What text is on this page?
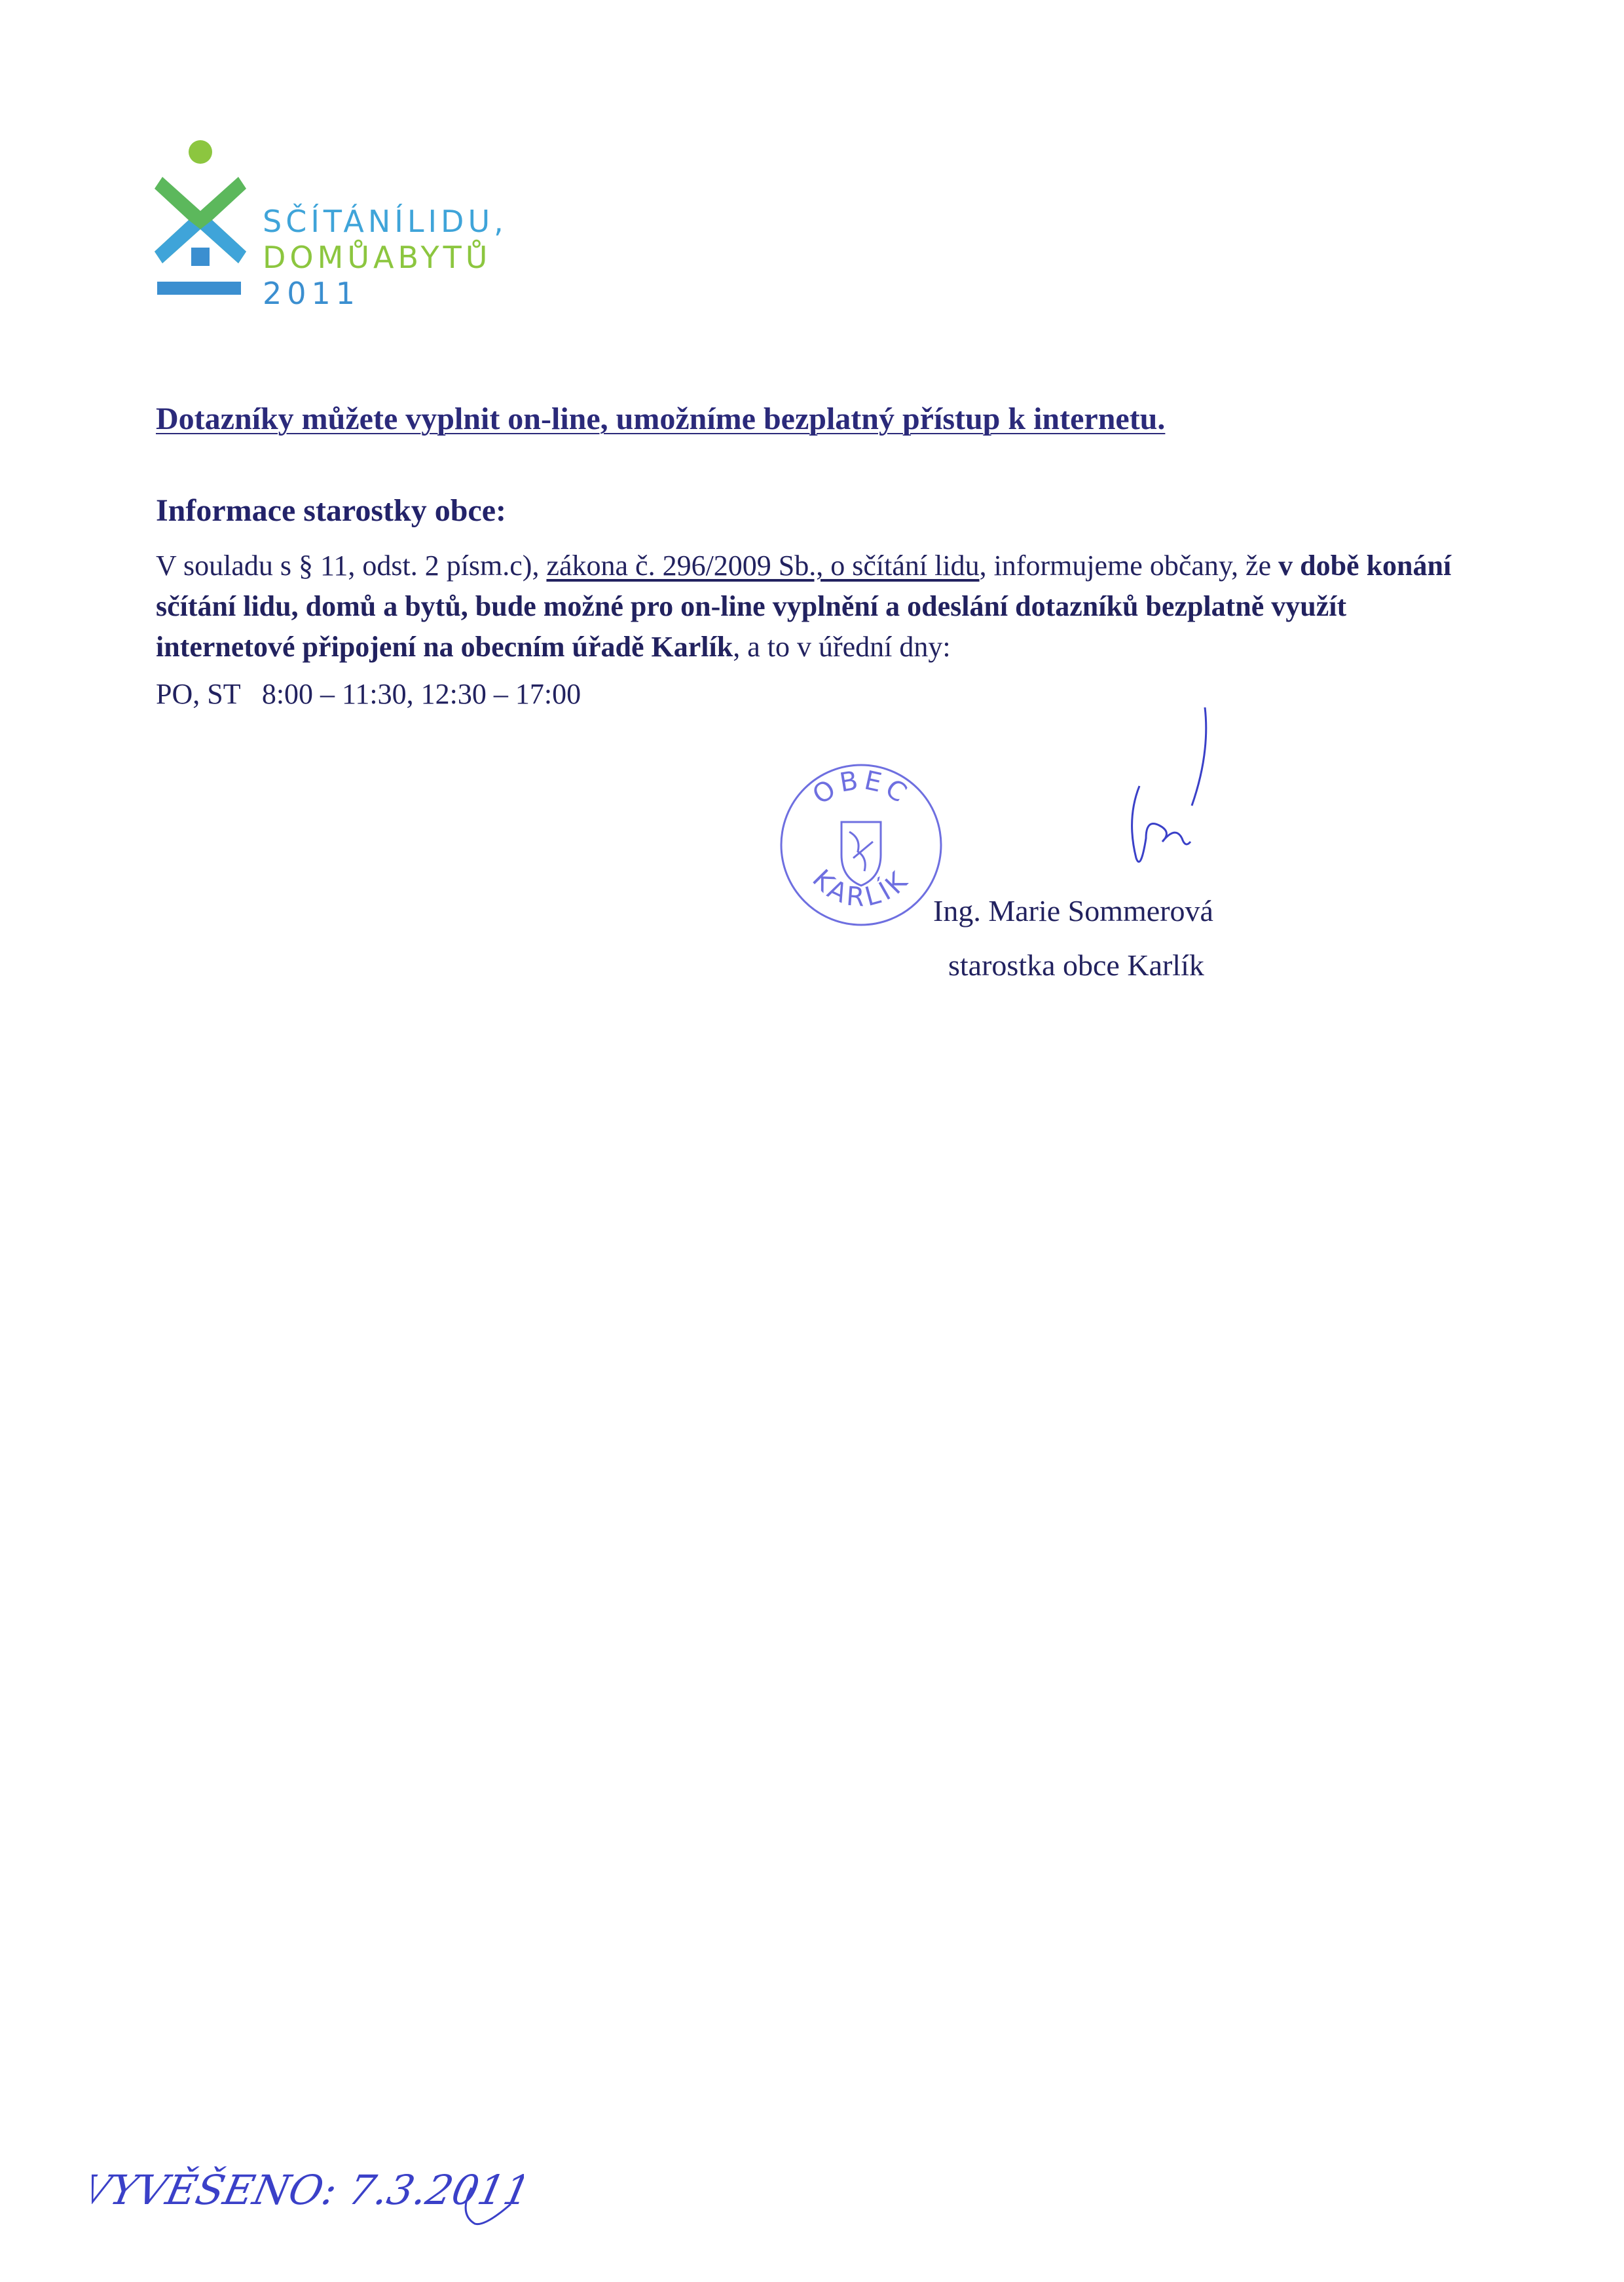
SČÍTÁNÍLIDU,
DOMŮABYTŮ
2011
Dotazníky můžete vyplnit on-line, umožníme bezplatný přístup k internetu.
Informace starostky obce:
V souladu s § 11, odst. 2 písm.c), zákona č. 296/2009 Sb., o sčítání lidu, informujeme občany, že v době konání sčítání lidu, domů a bytů, bude možné pro on-line vyplnění a odeslání dotazníků bezplatně využít internetové připojení na obecním úřadě Karlík, a to v úřední dny:
PO, ST 8:00 – 11:30, 12:30 – 17:00
OBEC
KARLÍK
Ing. Marie Sommerová
starostka obce Karlík
VYVĚŠENO: 7.3.2011
